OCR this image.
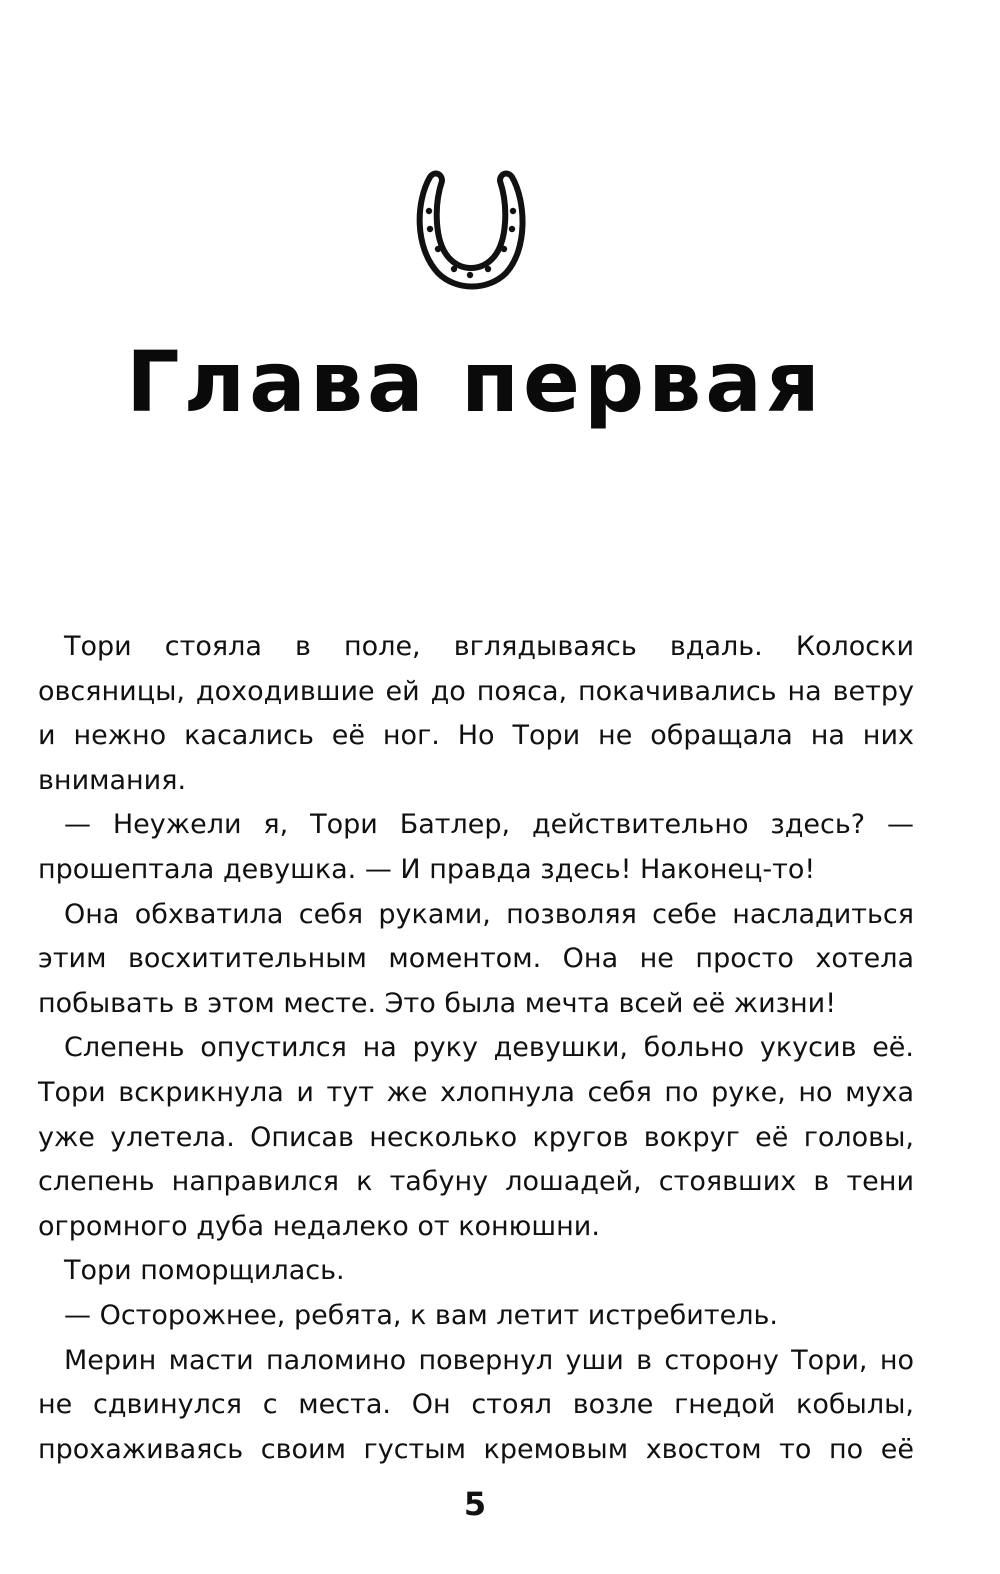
Глава первая

Тори стояла в поле, вглядываясь вдаль. Колоски овсяницы, доходившие ей до пояса, покачивались на ветру и нежно касались её ног. Но Тори не обращала на них внимания.

— Неужели я, Тори Батлер, действительно здесь? — прошептала девушка. — И правда здесь! Наконец-то!

Она обхватила себя руками, позволяя себе насладиться этим восхитительным моментом. Она не просто хотела побывать в этом месте. Это была мечта всей её жизни!

Слепень опустился на руку девушки, больно укусив её. Тори вскрикнула и тут же хлопнула себя по руке, но муха уже улетела. Описав несколько кругов вокруг её головы, слепень направился к табуну лошадей, стоявших в тени огромного дуба недалеко от конюшни.

Тори поморщилась.

— Осторожнее, ребята, к вам летит истребитель.

Мерин масти паломино повернул уши в сторону Тори, но не сдвинулся с места. Он стоял возле гнедой кобылы, прохаживаясь своим густым кремовым хвостом то по её

5
